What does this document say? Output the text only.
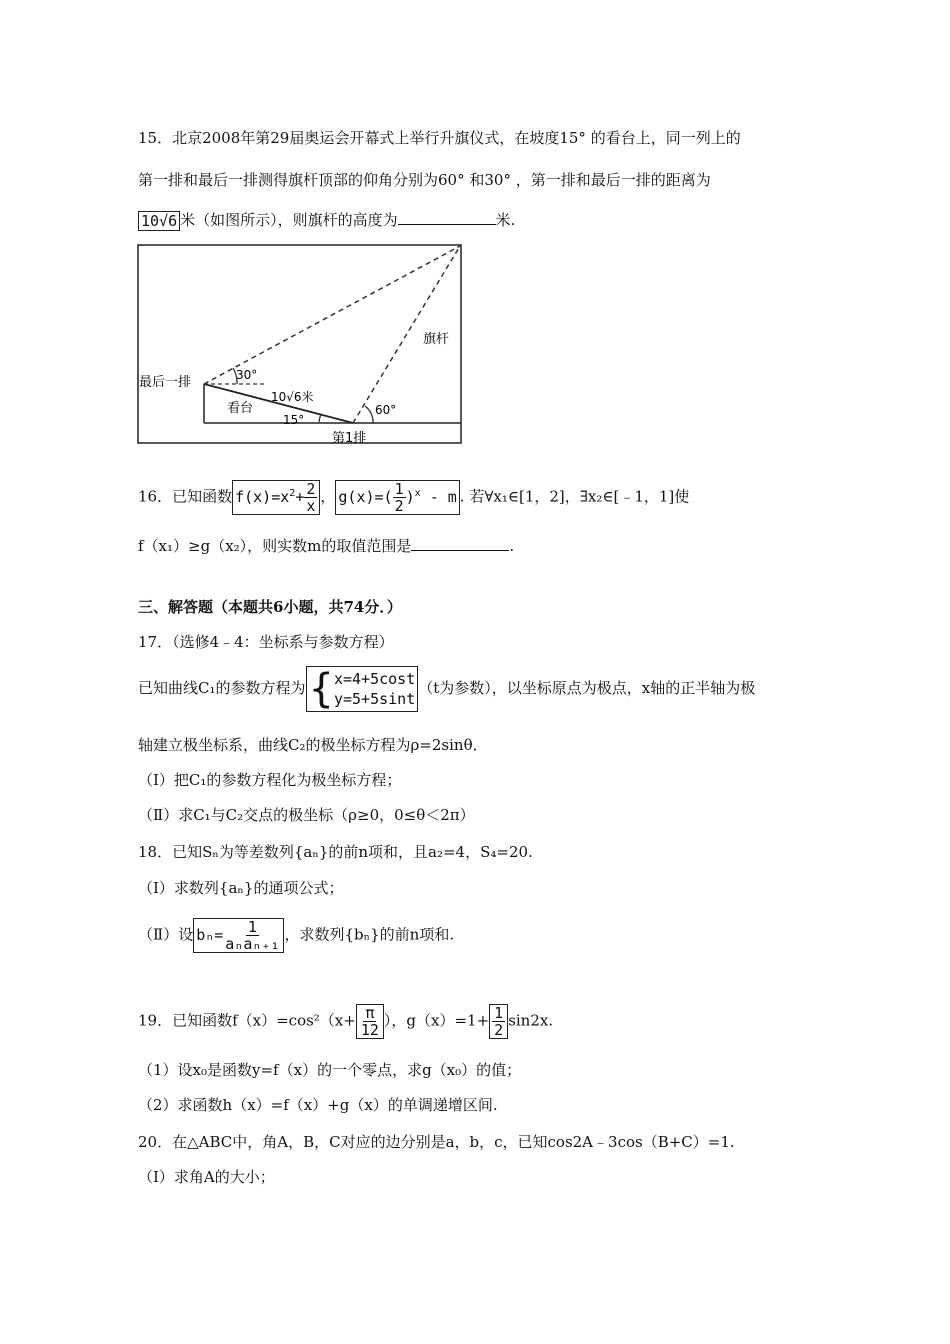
15．北京2008年第29届奥运会开幕式上举行升旗仪式，在坡度15° 的看台上，同一列上的
第一排和最后一排测得旗杆顶部的仰角分别为60° 和30° ，第一排和最后一排的距离为
10√6 米（如图所示），则旗杆的高度为	米.
最后一排	30°
10√6米
看台
15°
60°
旗杆
第1排
16．已知函数 $f(x)=x^2+ \frac{2}{x}$ ， $g(x)=( \frac{1}{2} )^x - m$ . 若∀x₁∈[1，2]，∃x₂∈[﹣1，1]使
f（x₁）≥g（x₂），则实数m的取值范围是	.
三、解答题（本题共6小题，共74分．）
17．（选修4﹣4：坐标系与参数方程）
已知曲线C₁的参数方程为 { x=4+5cost
y=5+5sint
（t为参数），以坐标原点为极点，x轴的正半轴为极
轴建立极坐标系，曲线C₂的极坐标方程为ρ=2sinθ．
（Ⅰ）把C₁的参数方程化为极坐标方程；
（Ⅱ）求C₁与C₂交点的极坐标（ρ≥0，0≤θ＜2π）
18．已知Sₙ为等差数列{aₙ}的前n项和，且a₂=4，S₄=20.
（Ⅰ）求数列{aₙ}的通项公式；
（Ⅱ）设 $b_n= \frac{1}{\text{aₙaₙ₊₁}}$ ，求数列{bₙ}的前n项和.
19．已知函数$f(x)=\cos^2(x+ \frac{\pi}{12}$ ），$g(x)=1+ \frac{1}{2} \sin 2x$.
（1）设x₀是函数y=f（x）的一个零点，求g（x₀）的值；
（2）求函数h（x）=f（x）+g（x）的单调递增区间.
20．在△ABC中，角A，B，C对应的边分别是a，b，c，已知cos2A﹣3cos（B+C）=1.
（Ⅰ）求角A的大小；
